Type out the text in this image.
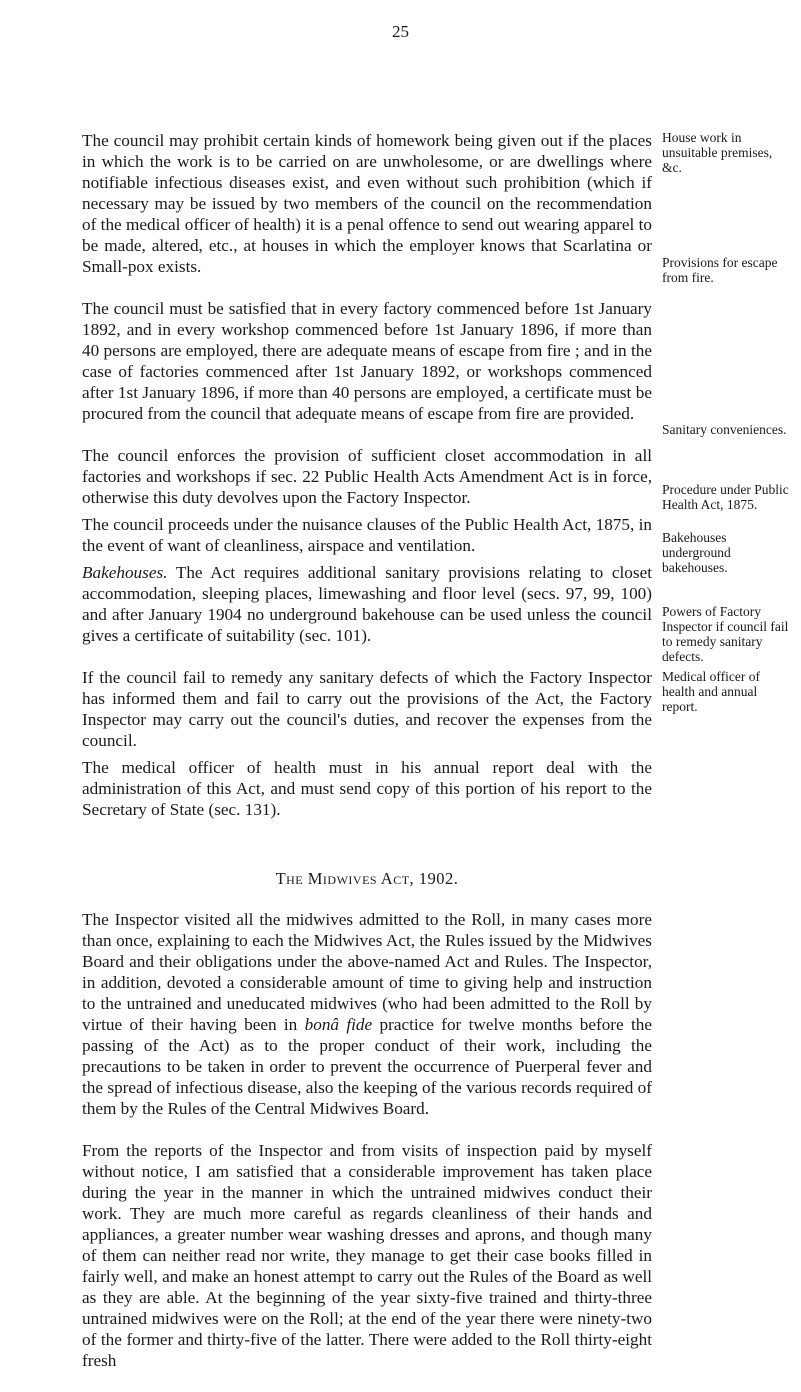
25

The council may prohibit certain kinds of homework being given out if the places in which the work is to be carried on are unwholesome, or are dwellings where notifiable infectious diseases exist, and even without such prohibition (which if necessary may be issued by two members of the council on the recommendation of the medical officer of health) it is a penal offence to send out wearing apparel to be made, altered, etc., at houses in which the employer knows that Scarlatina or Small-pox exists.

The council must be satisfied that in every factory commenced before 1st January 1892, and in every workshop commenced before 1st January 1896, if more than 40 persons are employed, there are adequate means of escape from fire ; and in the case of factories commenced after 1st January 1892, or workshops commenced after 1st January 1896, if more than 40 persons are employed, a certificate must be procured from the council that adequate means of escape from fire are provided.

The council enforces the provision of sufficient closet accommodation in all factories and workshops if sec. 22 Public Health Acts Amendment Act is in force, otherwise this duty devolves upon the Factory Inspector.

The council proceeds under the nuisance clauses of the Public Health Act, 1875, in the event of want of cleanliness, airspace and ventilation.

Bakehouses. The Act requires additional sanitary provisions relating to closet accommodation, sleeping places, limewashing and floor level (secs. 97, 99, 100) and after January 1904 no underground bakehouse can be used unless the council gives a certificate of suitability (sec. 101).

If the council fail to remedy any sanitary defects of which the Factory Inspector has informed them and fail to carry out the provisions of the Act, the Factory Inspector may carry out the council's duties, and recover the expenses from the council.

The medical officer of health must in his annual report deal with the administration of this Act, and must send copy of this portion of his report to the Secretary of State (sec. 131).

The Midwives Act, 1902.

The Inspector visited all the midwives admitted to the Roll, in many cases more than once, explaining to each the Midwives Act, the Rules issued by the Midwives Board and their obligations under the above-named Act and Rules. The Inspector, in addition, devoted a considerable amount of time to giving help and instruction to the untrained and uneducated midwives (who had been admitted to the Roll by virtue of their having been in bonâ fide practice for twelve months before the passing of the Act) as to the proper conduct of their work, including the precautions to be taken in order to prevent the occurrence of Puerperal fever and the spread of infectious disease, also the keeping of the various records required of them by the Rules of the Central Midwives Board.

From the reports of the Inspector and from visits of inspection paid by myself without notice, I am satisfied that a considerable improvement has taken place during the year in the manner in which the untrained midwives conduct their work. They are much more careful as regards cleanliness of their hands and appliances, a greater number wear washing dresses and aprons, and though many of them can neither read nor write, they manage to get their case books filled in fairly well, and make an honest attempt to carry out the Rules of the Board as well as they are able. At the beginning of the year sixty-five trained and thirty-three untrained midwives were on the Roll; at the end of the year there were ninety-two of the former and thirty-five of the latter. There were added to the Roll thirty-eight fresh

House work in unsuitable premises, &c.
Provisions for escape from fire.
Sanitary conveniences.
Procedure under Public Health Act, 1875.
Bakehouses underground bakehouses.
Powers of Factory Inspector if council fail to remedy sanitary defects.
Medical officer of health and annual report.
